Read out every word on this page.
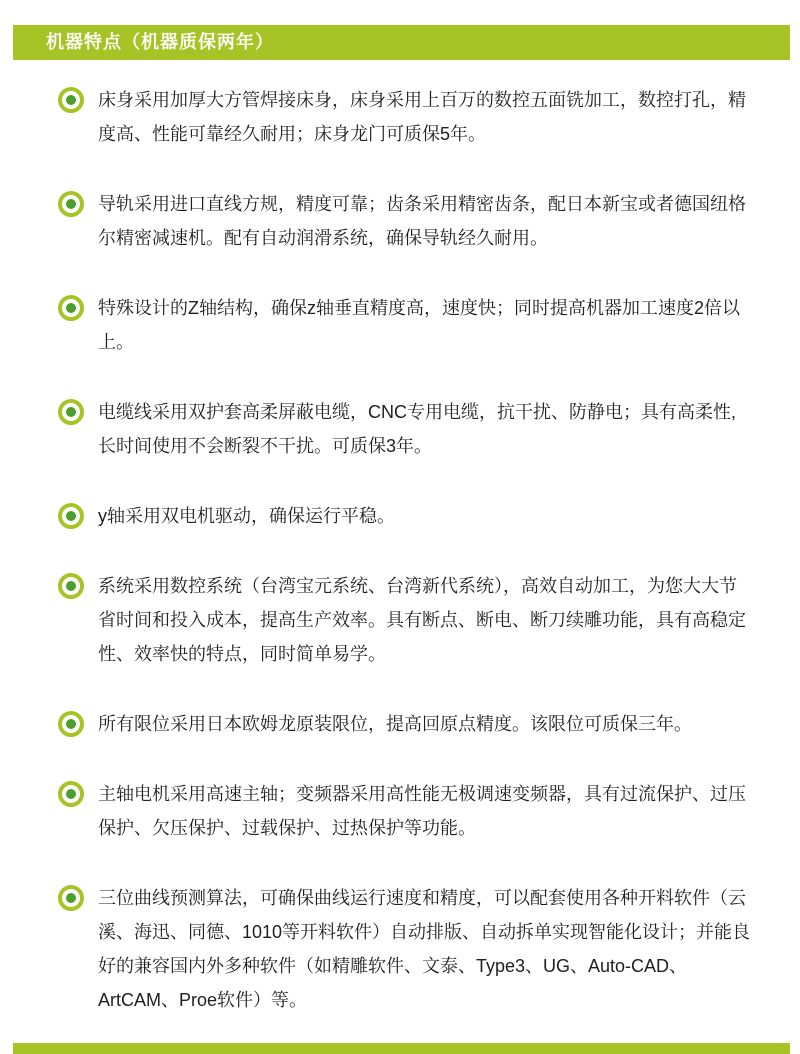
机器特点（机器质保两年）

床身采用加厚大方管焊接床身，床身采用上百万的数控五面铣加工，数控打孔，精度高、性能可靠经久耐用；床身龙门可质保5年。

导轨采用进口直线方规，精度可靠；齿条采用精密齿条，配日本新宝或者德国纽格尔精密减速机。配有自动润滑系统，确保导轨经久耐用。

特殊设计的Z轴结构，确保z轴垂直精度高，速度快；同时提高机器加工速度2倍以上。

电缆线采用双护套高柔屏蔽电缆，CNC专用电缆，抗干扰、防静电；具有高柔性,长时间使用不会断裂不干扰。可质保3年。

y轴采用双电机驱动，确保运行平稳。

系统采用数控系统（台湾宝元系统、台湾新代系统），高效自动加工，为您大大节省时间和投入成本，提高生产效率。具有断点、断电、断刀续雕功能，具有高稳定性、效率快的特点，同时简单易学。

所有限位采用日本欧姆龙原装限位，提高回原点精度。该限位可质保三年。

主轴电机采用高速主轴；变频器采用高性能无极调速变频器，具有过流保护、过压保护、欠压保护、过载保护、过热保护等功能。

三位曲线预测算法，可确保曲线运行速度和精度，可以配套使用各种开料软件（云溪、海迅、同德、1010等开料软件）自动排版、自动拆单实现智能化设计；并能良好的兼容国内外多种软件（如精雕软件、文泰、Type3、UG、Auto-CAD、ArtCAM、Proe软件）等。
